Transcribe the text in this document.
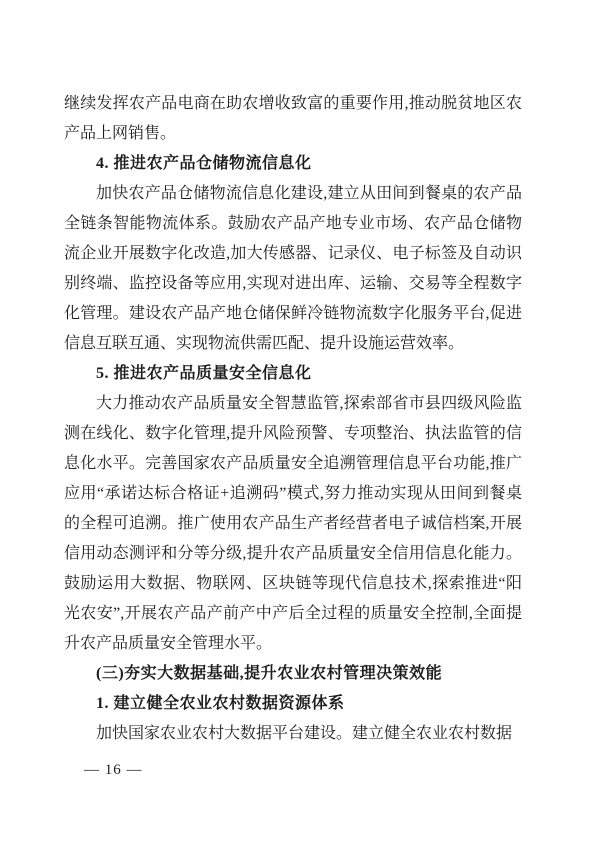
继续发挥农产品电商在助农增收致富的重要作用,推动脱贫地区农产品上网销售。

4. 推进农产品仓储物流信息化

加快农产品仓储物流信息化建设,建立从田间到餐桌的农产品全链条智能物流体系。鼓励农产品产地专业市场、农产品仓储物流企业开展数字化改造,加大传感器、记录仪、电子标签及自动识别终端、监控设备等应用,实现对进出库、运输、交易等全程数字化管理。建设农产品产地仓储保鲜冷链物流数字化服务平台,促进信息互联互通、实现物流供需匹配、提升设施运营效率。

5. 推进农产品质量安全信息化

大力推动农产品质量安全智慧监管,探索部省市县四级风险监测在线化、数字化管理,提升风险预警、专项整治、执法监管的信息化水平。完善国家农产品质量安全追溯管理信息平台功能,推广应用“承诺达标合格证+追溯码”模式,努力推动实现从田间到餐桌的全程可追溯。推广使用农产品生产者经营者电子诚信档案,开展信用动态测评和分等分级,提升农产品质量安全信用信息化能力。鼓励运用大数据、物联网、区块链等现代信息技术,探索推进“阳光农安”,开展农产品产前产中产后全过程的质量安全控制,全面提升农产品质量安全管理水平。

(三)夯实大数据基础,提升农业农村管理决策效能

1. 建立健全农业农村数据资源体系

加快国家农业农村大数据平台建设。建立健全农业农村数据

— 16 —
